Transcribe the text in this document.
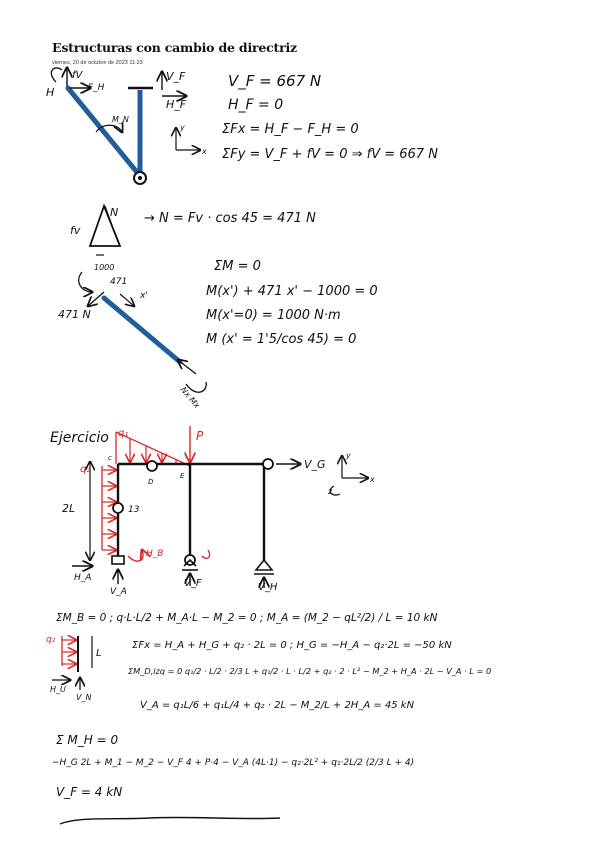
Estructuras con cambio de directriz
viernes, 20 de octubre de 2023 11:23
H
fV
F_H
V_F
H_F
M_N
y
x
V_F = 667 N
H_F = 0
ΣFx = H_F − F_H = 0
ΣFy = V_F + fV = 0 ⇒ fV = 667 N
fv
N → N = Fv · cos 45 = 471 N
1000
471
x'
471 N
Nx Mx
ΣM = 0
M(x') + 471 x' − 1000 = 0
M(x'=0) = 1000 N·m
M (x' = 1'5/cos 45) = 0
Ejercicio q₁
q₂
P
c
D
E
V_G
2L	13
H_B
H_A
V_A
V_F	V_H
y
x
z
ΣM_B = 0 ; q·L·L/2 + M_A·L − M_2 = 0 ; M_A = (M_2 − qL²/2) / L = 10 kN
q₂
L
H_U
V_N
ΣFx = H_A + H_G + q₂ · 2L = 0 ; H_G = −H_A − q₂·2L = −50 kN
ΣM_D,izq = 0 q₁/2 · L/2 · 2/3 L + q₁/2 · L · L/2 + q₂ · 2 · L² − M_2 + H_A · 2L − V_A · L = 0
V_A = q₁L/6 + q₁L/4 + q₂ · 2L − M_2/L + 2H_A = 45 kN
Σ M_H = 0
−H_G 2L + M_1 − M_2 − V_F 4 + P·4 − V_A (4L·1) − q₂·2L² + q₁·2L/2 (2/3 L + 4)
V_F = 4 kN
